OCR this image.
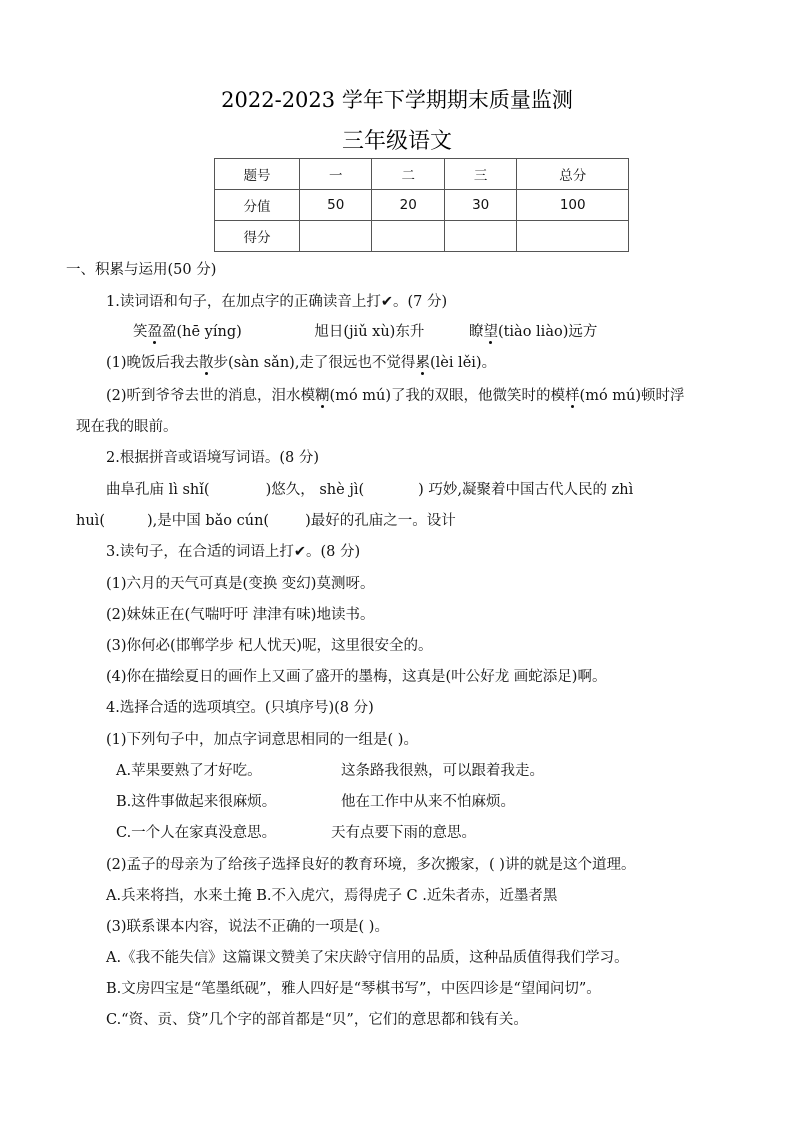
2022-2023 学年下学期期末质量监测
三年级语文
题号	一	二	三	总分
分值	50	20	30	100
得分				
一、积累与运用(50 分)
1.读词语和句子，在加点字的正确读音上打✔。(7 分)
笑盈盈(hē yíng)	旭日(jiǔ xù)东升	瞭望(tiào liào)远方
(1)晚饭后我去散步(sàn sǎn),走了很远也不觉得累(lèi lěi)。
(2)听到爷爷去世的消息，泪水模糊(mó mú)了我的双眼，他微笑时的模样(mó mú)顿时浮
现在我的眼前。
2.根据拼音或语境写词语。(8 分)
曲阜孔庙 lì shǐ(	)悠久， shè jì(	) 巧妙,凝聚着中国古代人民的 zhì
huì(	),是中国 bǎo cún( )最好的孔庙之一。设计
3.读句子，在合适的词语上打✔。(8 分)
(1)六月的天气可真是(变换 变幻)莫测呀。
(2)妹妹正在(气喘吁吁 津津有味)地读书。
(3)你何必(邯郸学步 杞人忧天)呢，这里很安全的。
(4)你在描绘夏日的画作上又画了盛开的墨梅，这真是(叶公好龙 画蛇添足)啊。
4.选择合适的选项填空。(只填序号)(8 分)
(1)下列句子中，加点字词意思相同的一组是( )。
A.苹果要熟了才好吃。	这条路我很熟，可以跟着我走。
B.这件事做起来很麻烦。	他在工作中从来不怕麻烦。
C.一个人在家真没意思。	天有点要下雨的意思。
(2)孟子的母亲为了给孩子选择良好的教育环境，多次搬家，( )讲的就是这个道理。
A.兵来将挡，水来土掩 B.不入虎穴，焉得虎子 C .近朱者赤，近墨者黑
(3)联系课本内容，说法不正确的一项是( )。
A.《我不能失信》这篇课文赞美了宋庆龄守信用的品质，这种品质值得我们学习。
B.文房四宝是“笔墨纸砚”，雅人四好是“琴棋书写”，中医四诊是“望闻问切”。
C.“资、贡、贷”几个字的部首都是“贝”，它们的意思都和钱有关。
